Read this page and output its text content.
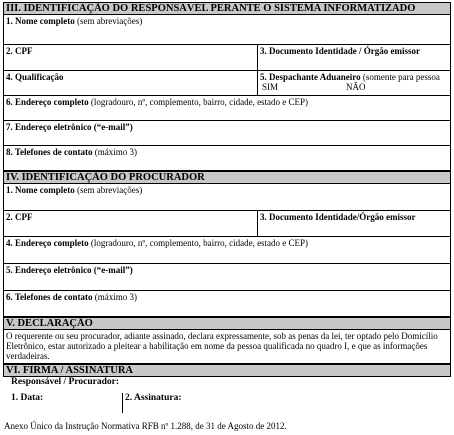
III. IDENTIFICAÇÃO DO RESPONSÁVEL PERANTE O SISTEMA INFORMATIZADO
1. Nome completo (sem abreviações)
2. CPF	3. Documento Identidade / Órgão emissor
4. Qualificação	5. Despachante Aduaneiro (somente para pessoa
SIM	NÃO
6. Endereço completo (logradouro, nº, complemento, bairro, cidade, estado e CEP)
7. Endereço eletrônico (“e-mail”)
8. Telefones de contato (máximo 3)
IV. IDENTIFICAÇÃO DO PROCURADOR
1. Nome completo (sem abreviações)
2. CPF	3. Documento Identidade/Órgão emissor
4. Endereço completo (logradouro, nº, complemento, bairro, cidade, estado e CEP)
5. Endereço eletrônico (“e-mail”)
6. Telefones de contato (máximo 3)
V. DECLARAÇÃO
O requerente ou seu procurador, adiante assinado, declara expressamente, sob as penas da lei, ter optado pelo Domicílio Eletrônico, estar autorizado a pleitear a habilitação em nome da pessoa qualificada no quadro I, e que as informações verdadeiras.
VI. FIRMA / ASSINATURA
Responsável / Procurador:
1. Data:	2. Assinatura:
Anexo Único da Instrução Normativa RFB nº 1.288, de 31 de Agosto de 2012.
